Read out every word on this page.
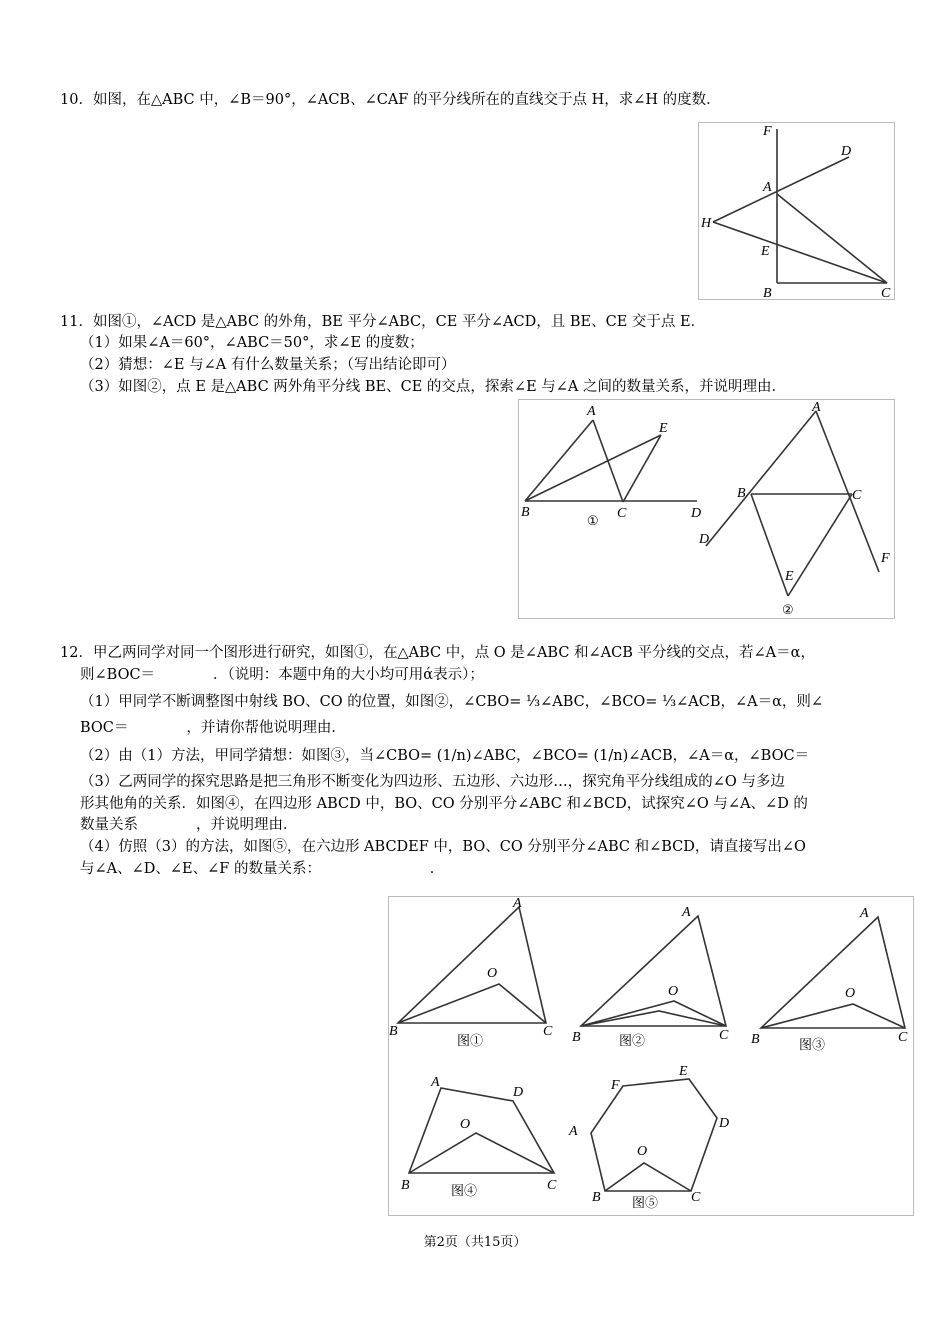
10．如图，在△ABC 中，∠B＝90°，∠ACB、∠CAF 的平分线所在的直线交于点 H，求∠H 的度数．
F
D
A
H
E
B	C
11．如图①，∠ACD 是△ABC 的外角，BE 平分∠ABC，CE 平分∠ACD，且 BE、CE 交于点 E．
（1）如果∠A＝60°，∠ABC＝50°，求∠E 的度数；
（2）猜想：∠E 与∠A 有什么数量关系；（写出结论即可）
（3）如图②，点 E 是△ABC 两外角平分线 BE、CE 的交点，探索∠E 与∠A 之间的数量关系，并说明理由．
A
E
B	C	D
①
A
B	C
D
F
E
②
12．甲乙两同学对同一个图形进行研究，如图①，在△ABC 中，点 O 是∠ABC 和∠ACB 平分线的交点，若∠A＝α，
则∠BOC＝　　　　．（说明：本题中角的大小均可用ά表示）；
（1）甲同学不断调整图中射线 BO、CO 的位置，如图②，∠CBO= ⅓∠ABC，∠BCO= ⅓∠ACB，∠A＝α，则∠
BOC＝　　　　，并请你帮他说明理由．
（2）由（1）方法，甲同学猜想：如图③，当∠CBO= (1/n)∠ABC，∠BCO= (1/n)∠ACB，∠A＝α，∠BOC＝
（3）乙两同学的探究思路是把三角形不断变化为四边形、五边形、六边形…，探究角平分线组成的∠O 与多边
形其他角的关系．如图④，在四边形 ABCD 中，BO、CO 分别平分∠ABC 和∠BCD，试探究∠O 与∠A、∠D 的
数量关系　　　　，并说明理由．
（4）仿照（3）的方法，如图⑤，在六边形 ABCDEF 中，BO、CO 分别平分∠ABC 和∠BCD，请直接写出∠O
与∠A、∠D、∠E、∠F 的数量关系：　　　　　　　　．
A
B	C
O
图①
A
B	C
O
图②
A
B	C
O
图③
A
B	C
D
O
图④
A
B	C
D
E
F
O
图⑤
第2页（共15页）
